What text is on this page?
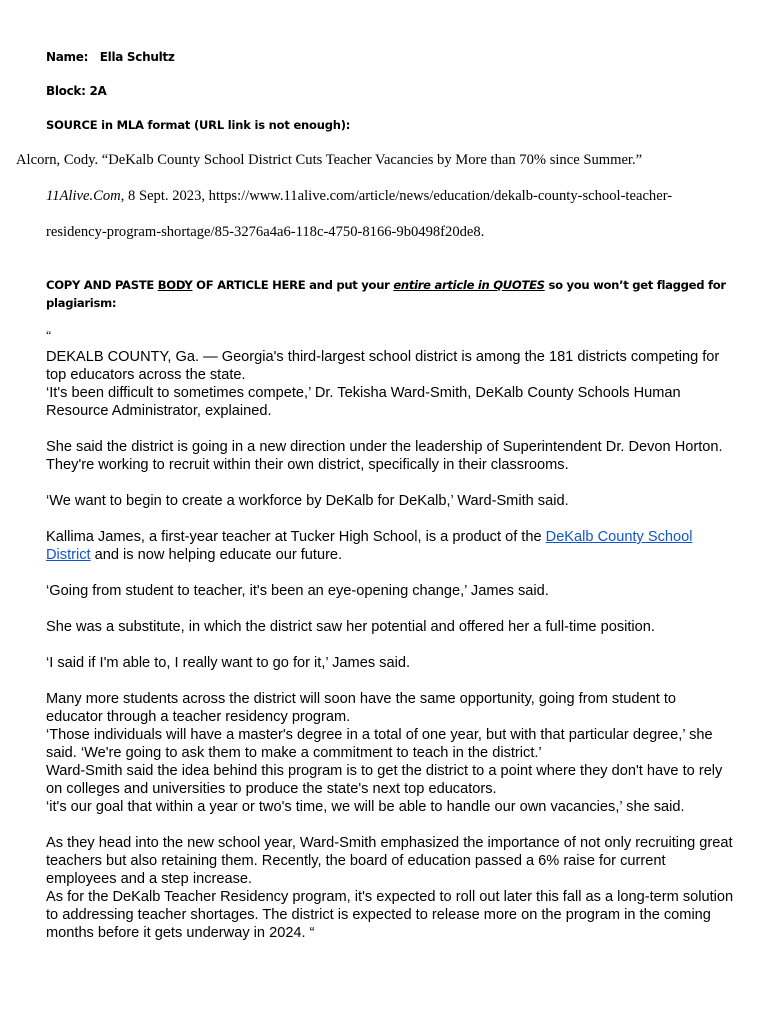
Name: Ella Schultz
Block: 2A
SOURCE in MLA format (URL link is not enough):
Alcorn, Cody. “DeKalb County School District Cuts Teacher Vacancies by More than 70% since Summer.”
11Alive.Com, 8 Sept. 2023, https://www.11alive.com/article/news/education/dekalb-county-school-teacher-
residency-program-shortage/85-3276a4a6-118c-4750-8166-9b0498f20de8.
COPY AND PASTE BODY OF ARTICLE HERE and put your entire article in QUOTES so you won’t get flagged for plagiarism:
“

DEKALB COUNTY, Ga. — Georgia's third-largest school district is among the 181 districts competing for top educators across the state.

‘It's been difficult to sometimes compete,’ Dr. Tekisha Ward-Smith, DeKalb County Schools Human Resource Administrator, explained.

She said the district is going in a new direction under the leadership of Superintendent Dr. Devon Horton. They're working to recruit within their own district, specifically in their classrooms.

‘We want to begin to create a workforce by DeKalb for DeKalb,’ Ward-Smith said.

Kallima James, a first-year teacher at Tucker High School, is a product of the DeKalb County School District and is now helping educate our future.

‘Going from student to teacher, it's been an eye-opening change,’ James said.

She was a substitute, in which the district saw her potential and offered her a full-time position.

‘I said if I'm able to, I really want to go for it,’ James said.

Many more students across the district will soon have the same opportunity, going from student to educator through a teacher residency program.

‘Those individuals will have a master's degree in a total of one year, but with that particular degree,’ she said. ‘We're going to ask them to make a commitment to teach in the district.’

Ward-Smith said the idea behind this program is to get the district to a point where they don't have to rely on colleges and universities to produce the state's next top educators.

‘it's our goal that within a year or two's time, we will be able to handle our own vacancies,’ she said.

As they head into the new school year, Ward-Smith emphasized the importance of not only recruiting great teachers but also retaining them. Recently, the board of education passed a 6% raise for current employees and a step increase.

As for the DeKalb Teacher Residency program, it's expected to roll out later this fall as a long-term solution to addressing teacher shortages. The district is expected to release more on the program in the coming months before it gets underway in 2024. “
